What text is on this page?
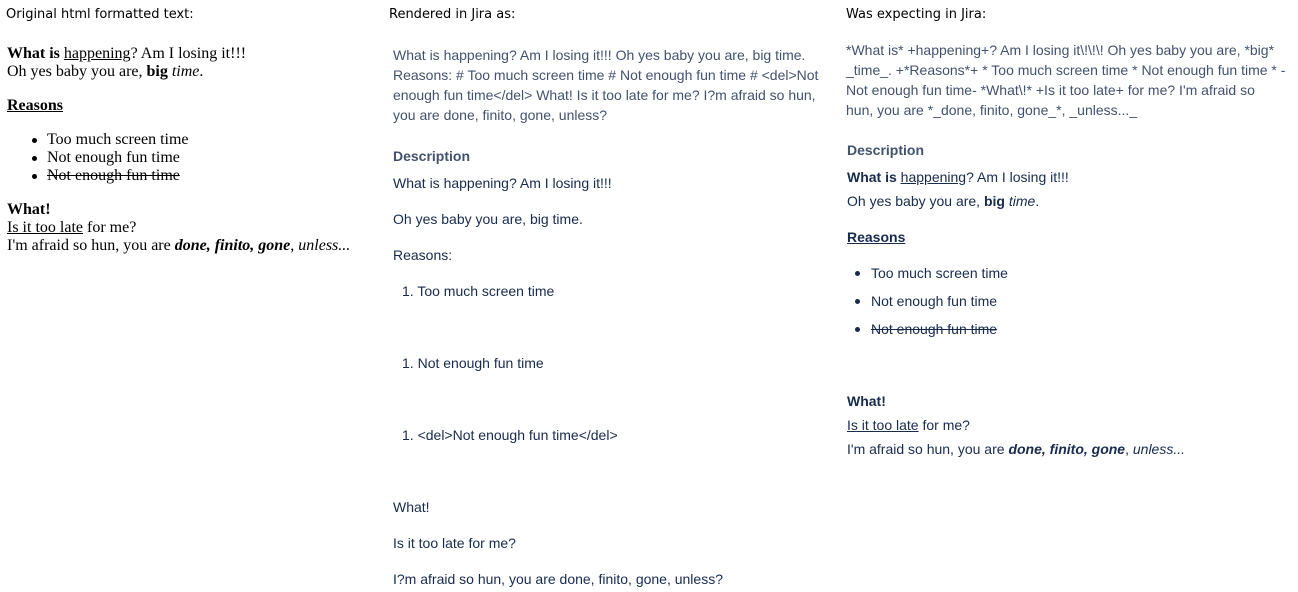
Original html formatted text:
What is happening? Am I losing it!!!
Oh yes baby you are, big time.
Reasons
Too much screen time
Not enough fun time
Not enough fun time
What!
Is it too late for me?
I'm afraid so hun, you are done, finito, gone, unless...
Rendered in Jira as:
What is happening? Am I losing it!!! Oh yes baby you are, big time.
Reasons: # Too much screen time # Not enough fun time # <del>Not
enough fun time</del> What! Is it too late for me? I?m afraid so hun,
you are done, finito, gone, unless?
Description
What is happening? Am I losing it!!!
Oh yes baby you are, big time.
Reasons:
1. Too much screen time
1. Not enough fun time
1. <del>Not enough fun time</del>
What!
Is it too late for me?
I?m afraid so hun, you are done, finito, gone, unless?
Was expecting in Jira:
*What is* +happening+? Am I losing it\!\!\! Oh yes baby you are, *big*
_time_. +*Reasons*+ * Too much screen time * Not enough fun time * -
Not enough fun time- *What\!* +Is it too late+ for me? I'm afraid so
hun, you are *_done, finito, gone_*, _unless..._
Description
What is happening? Am I losing it!!!
Oh yes baby you are, big time.
Reasons
Too much screen time
Not enough fun time
Not enough fun time
What!
Is it too late for me?
I'm afraid so hun, you are done, finito, gone, unless...
